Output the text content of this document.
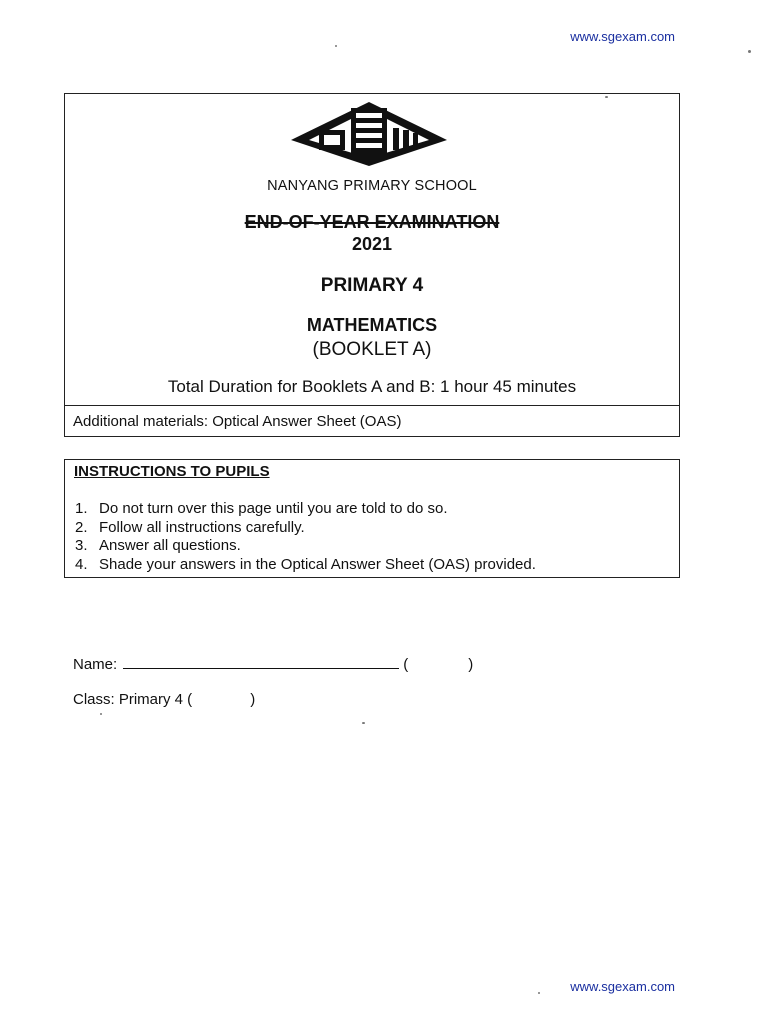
www.sgexam.com
NANYANG PRIMARY SCHOOL
END-OF-YEAR EXAMINATION
2021
PRIMARY 4
MATHEMATICS
(BOOKLET A)
Total Duration for Booklets A and B: 1 hour 45 minutes
Additional materials: Optical Answer Sheet (OAS)
INSTRUCTIONS TO PUPILS
1. Do not turn over this page until you are told to do so.
2. Follow all instructions carefully.
3. Answer all questions.
4. Shade your answers in the Optical Answer Sheet (OAS) provided.
Name:	(	)
Class: Primary 4 (	)
www.sgexam.com
